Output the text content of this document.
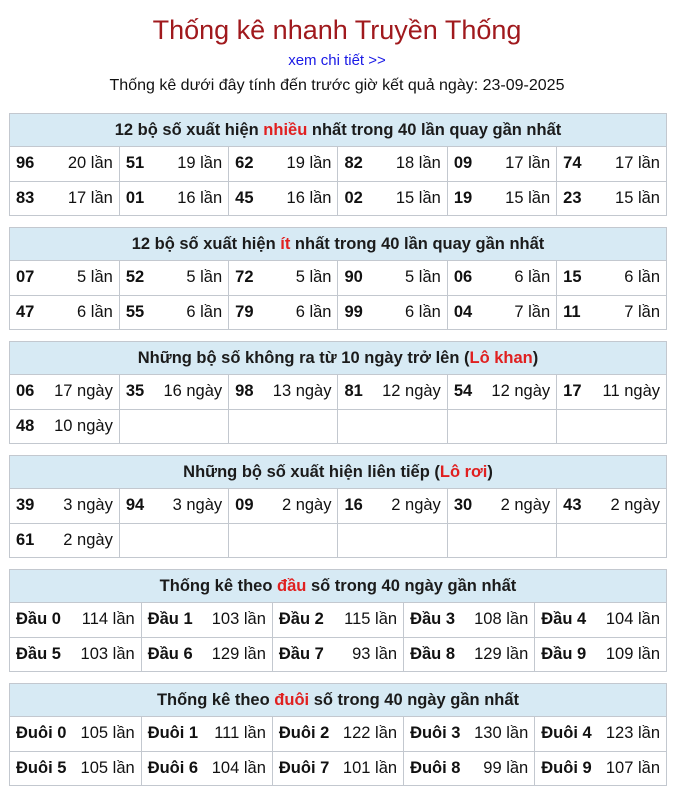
Thống kê nhanh Truyền Thống
xem chi tiết >>
Thống kê dưới đây tính đến trước giờ kết quả ngày: 23-09-2025
12 bộ số xuất hiện nhiều nhất trong 40 lần quay gần nhất
96 20 lần	51 19 lần	62 19 lần	82 18 lần	09 17 lần	74 17 lần

83 17 lần	01 16 lần	45 16 lần	02 15 lần	19 15 lần	23 15 lần
12 bộ số xuất hiện ít nhất trong 40 lần quay gần nhất
07 5 lần	52 5 lần	72 5 lần	90 5 lần	06 6 lần	15 6 lần

47 6 lần	55 6 lần	79 6 lần	99 6 lần	04 7 lần	11 7 lần
Những bộ số không ra từ 10 ngày trở lên (Lô khan)
06 17 ngày	35 16 ngày	98 13 ngày	81 12 ngày	54 12 ngày	17 11 ngày

48 10 ngày					

Những bộ số xuất hiện liên tiếp (Lô rơi)
39 3 ngày	94 3 ngày	09 2 ngày	16 2 ngày	30 2 ngày	43 2 ngày

61 2 ngày					

Thống kê theo đầu số trong 40 ngày gần nhất
Đầu 0 114 lần	Đầu 1 103 lần	Đầu 2 115 lần	Đầu 3 108 lần	Đầu 4 104 lần

Đầu 5 103 lần	Đầu 6 129 lần	Đầu 7 93 lần	Đầu 8 129 lần	Đầu 9 109 lần
Thống kê theo đuôi số trong 40 ngày gần nhất
Đuôi 0 105 lần	Đuôi 1 111 lần	Đuôi 2 122 lần	Đuôi 3 130 lần	Đuôi 4 123 lần

Đuôi 5 105 lần	Đuôi 6 104 lần	Đuôi 7 101 lần	Đuôi 8 99 lần	Đuôi 9 107 lần
